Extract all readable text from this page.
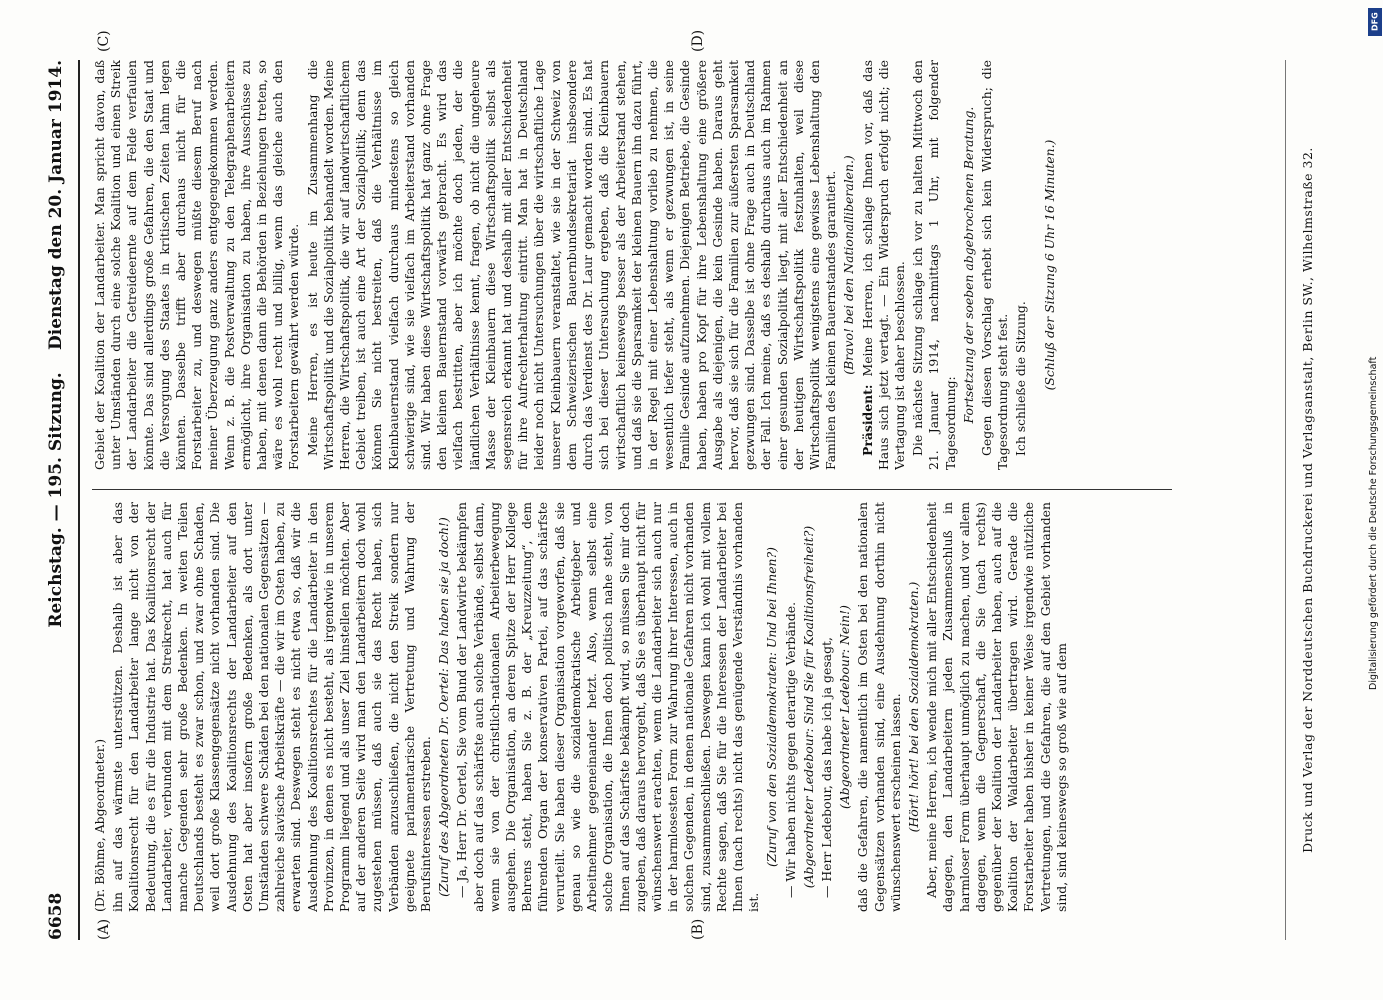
6658
Reichstag. — 195. Sitzung.
Dienstag den 20. Januar 1914.
(A)	(B)
(C)	(D)

(Dr. Böhme, Abgeordneter.) ihn auf das wärmste unterstützen. Deshalb ist aber das Koalitionsrecht für den Landarbeiter lange nicht von der Bedeutung, die es für die Industrie hat. Das Koalitionsrecht der Landarbeiter, verbunden mit dem Streikrecht, hat auch für manche Gegenden sehr große Bedenken. In weiten Teilen Deutschlands besteht es zwar schon, und zwar ohne Schaden, weil dort große Klassengegensätze nicht vorhanden sind. Die Ausdehnung des Koalitionsrechts der Landarbeiter auf den Osten hat aber insofern große Bedenken, als dort unter Umständen schwere Schäden bei den nationalen Gegensätzen — zahlreiche slavische Arbeitskräfte — die wir im Osten haben, zu erwarten sind. Deswegen steht es nicht etwa so, daß wir die Ausdehnung des Koalitionsrechtes für die Landarbeiter in den Provinzen, in denen es nicht besteht, als irgendwie in unserem Programm liegend und als unser Ziel hinstellen möchten. Aber auf der anderen Seite wird man den Landarbeitern doch wohl zugestehen müssen, daß auch sie das Recht haben, sich Verbänden anzuschließen, die nicht den Streik sondern nur geeignete parlamentarische Vertretung und Wahrung der Berufsinteressen erstreben. (Zuruf des Abgeordneten Dr. Oertel: Das haben sie ja doch!) — Ja, Herr Dr. Oertel, Sie vom Bund der Landwirte bekämpfen aber doch auf das schärfste auch solche Verbände, selbst dann, wenn sie von der christlich-nationalen Arbeiterbewegung ausgehen. Die Organisation, an deren Spitze der Herr Kollege Behrens steht, haben Sie z. B. der „Kreuzzeitung“, dem führenden Organ der konservativen Partei, auf das schärfste verurteilt. Sie haben dieser Organisation vorgeworfen, daß sie genau so wie die sozialdemokratische Arbeitgeber und Arbeitnehmer gegeneinander hetzt. Also, wenn selbst eine solche Organisation, die Ihnen doch politisch nahe steht, von Ihnen auf das Schärfste bekämpft wird, so müssen Sie mir doch zugeben, daß daraus hervorgeht, daß Sie es überhaupt nicht für wünschenswert erachten, wenn die Landarbeiter sich auch nur in der harmlosesten Form zur Wahrung ihrer Interessen, auch in solchen Gegenden, in denen nationale Gefahren nicht vorhanden sind, zusammenschließen. Deswegen kann ich wohl mit vollem Rechte sagen, daß Sie für die Interessen der Landarbeiter bei Ihnen (nach rechts) nicht das genügende Verständnis vorhanden ist.

(Zuruf von den Sozialdemokraten: Und bei Ihnen?) — Wir haben nichts gegen derartige Verbände. (Abgeordneter Ledebour: Sind Sie für Koalitionsfreiheit?) — Herr Ledebour, das habe ich ja gesagt, (Abgeordneter Ledebour: Nein!) daß die Gefahren, die namentlich im Osten bei den nationalen Gegensätzen vorhanden sind, eine Ausdehnung dorthin nicht wünschenswert erscheinen lassen. (Hört! hört! bei den Sozialdemokraten.) Aber, meine Herren, ich wende mich mit aller Entschiedenheit dagegen, den Landarbeitern jeden Zusammenschluß in harmloser Form überhaupt unmöglich zu machen, und vor allem dagegen, wenn die Gegnerschaft, die Sie (nach rechts) gegenüber der Koalition der Landarbeiter haben, auch auf die Koalition der Waldarbeiter übertragen wird. Gerade die Forstarbeiter haben bisher in keiner Weise irgendwie nützliche Vertretungen, und die Gefahren, die auf den Gebiet vorhanden sind, sind keineswegs so groß wie auf dem

Gebiet der Koalition der Landarbeiter. Man spricht davon, daß unter Umständen durch eine solche Koalition und einen Streik der Landarbeiter die Getreideernte auf dem Felde verfaulen könnte. Das sind allerdings große Gefahren, die den Staat und die Versorgung des Staates in kritischen Zeiten lahm legen könnten. Dasselbe trifft aber durchaus nicht für die Forstarbeiter zu, und deswegen müßte diesem Beruf nach meiner Überzeugung ganz anders entgegengekommen werden. Wenn z. B. die Postverwaltung zu den Telegraphenarbeitern ermöglicht, ihre Organisation zu haben, ihre Ausschüsse zu haben, mit denen dann die Behörden in Beziehungen treten, so wäre es wohl recht und billig, wenn das gleiche auch den Forstarbeitern gewährt werden würde. Meine Herren, es ist heute im Zusammenhang die Wirtschaftspolitik und die Sozialpolitik behandelt worden. Meine Herren, die Wirtschaftspolitik, die wir auf landwirtschaftlichem Gebiet treiben, ist auch eine Art der Sozialpolitik; denn das können Sie nicht bestreiten, daß die Verhältnisse im Kleinbauernstand vielfach durchaus mindestens so gleich schwierige sind, wie sie vielfach im Arbeiterstand vorhanden sind. Wir haben diese Wirtschaftspolitik hat ganz ohne Frage den kleinen Bauernstand vorwärts gebracht. Es wird das vielfach bestritten, aber ich möchte doch jeden, der die ländlichen Verhältnisse kennt, fragen, ob nicht die ungeheure Masse der Kleinbauern diese Wirtschaftspolitik selbst als segensreich erkannt hat und deshalb mit aller Entschiedenheit für ihre Aufrechterhaltung eintritt. Man hat in Deutschland leider noch nicht Untersuchungen über die wirtschaftliche Lage unserer Kleinbauern veranstaltet, wie sie in der Schweiz von dem Schweizerischen Bauernbundsekretariat insbesondere durch das Verdienst des Dr. Laur gemacht worden sind. Es hat sich bei dieser Untersuchung ergeben, daß die Kleinbauern wirtschaftlich keineswegs besser als der Arbeiterstand stehen, und daß sie die Sparsamkeit der kleinen Bauern ihn dazu führt, in der Regel mit einer Lebenshaltung vorlieb zu nehmen, die wesentlich tiefer steht, als wenn er gezwungen ist, in seine Familie Gesinde aufzunehmen. Diejenigen Betriebe, die Gesinde haben, haben pro Kopf für ihre Lebenshaltung eine größere Ausgabe als diejenigen, die kein Gesinde haben. Daraus geht hervor, daß sie sich für die Familien zur äußersten Sparsamkeit gezwungen sind. Dasselbe ist ohne Frage auch in Deutschland der Fall. Ich meine, daß es deshalb durchaus auch im Rahmen einer gesunden Sozialpolitik liegt, mit aller Entschiedenheit an der heutigen Wirtschaftspolitik festzuhalten, weil diese Wirtschaftspolitik wenigstens eine gewisse Lebenshaltung den Familien des kleinen Bauernstandes garantiert. (Bravo! bei den Nationalliberalen.)

Präsident: Meine Herren, ich schlage Ihnen vor, daß das Haus sich jetzt vertagt. — Ein Widerspruch erfolgt nicht; die Vertagung ist daher beschlossen. Die nächste Sitzung schlage ich vor zu halten Mittwoch den 21. Januar 1914, nachmittags 1 Uhr, mit folgender Tagesordnung: Fortsetzung der soeben abgebrochenen Beratung. Gegen diesen Vorschlag erhebt sich kein Widerspruch; die Tagesordnung steht fest. Ich schließe die Sitzung. (Schluß der Sitzung 6 Uhr 16 Minuten.)	Druck und Verlag der Norddeutschen Buchdruckerei und Verlagsanstalt, Berlin SW., Wilhelmstraße 32.
DFG
Digitalisierung gefördert durch die Deutsche Forschungsgemeinschaft
